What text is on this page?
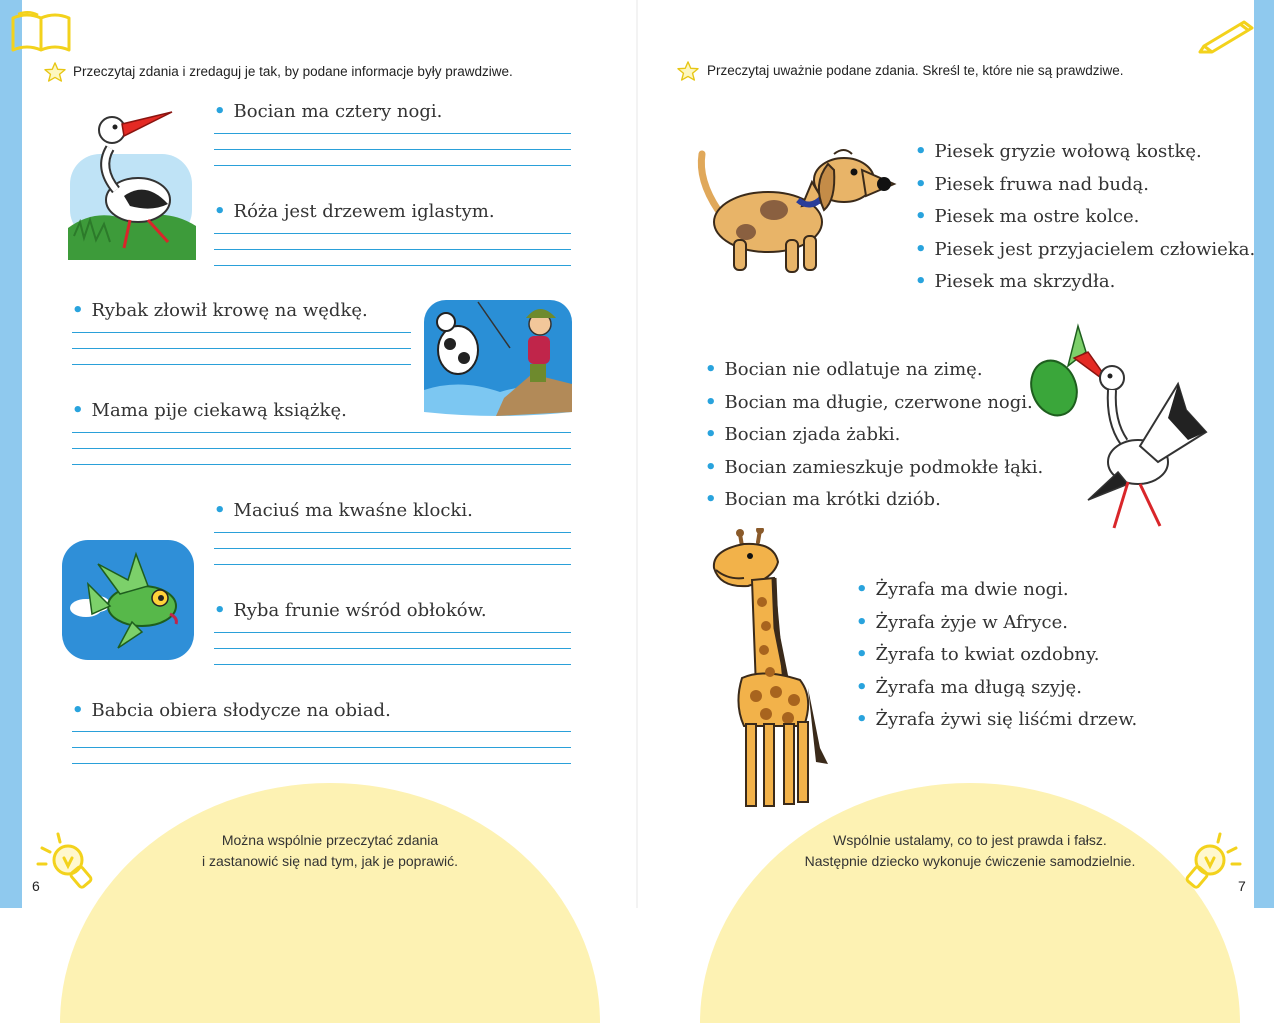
Przeczytaj zdania i zredaguj je tak, by podane informacje były prawdziwe.
• Bocian ma cztery nogi.
• Róża jest drzewem iglastym.
• Rybak złowił krowę na wędkę.
• Mama pije ciekawą książkę.
• Maciuś ma kwaśne klocki.
• Ryba frunie wśród obłoków.
• Babcia obiera słodycze na obiad.
Można wspólnie przeczytać zdania
i zastanowić się nad tym, jak je poprawić.
6
Przeczytaj uważnie podane zdania. Skreśl te, które nie są prawdziwe.
• Piesek gryzie wołową kostkę.
• Piesek fruwa nad budą.
• Piesek ma ostre kolce.
• Piesek jest przyjacielem człowieka.
• Piesek ma skrzydła.
• Bocian nie odlatuje na zimę.
• Bocian ma długie, czerwone nogi.
• Bocian zjada żabki.
• Bocian zamieszkuje podmokłe łąki.
• Bocian ma krótki dziób.
• Żyrafa ma dwie nogi.
• Żyrafa żyje w Afryce.
• Żyrafa to kwiat ozdobny.
• Żyrafa ma długą szyję.
• Żyrafa żywi się liśćmi drzew.
Wspólnie ustalamy, co to jest prawda i fałsz.
Następnie dziecko wykonuje ćwiczenie samodzielnie.
7
